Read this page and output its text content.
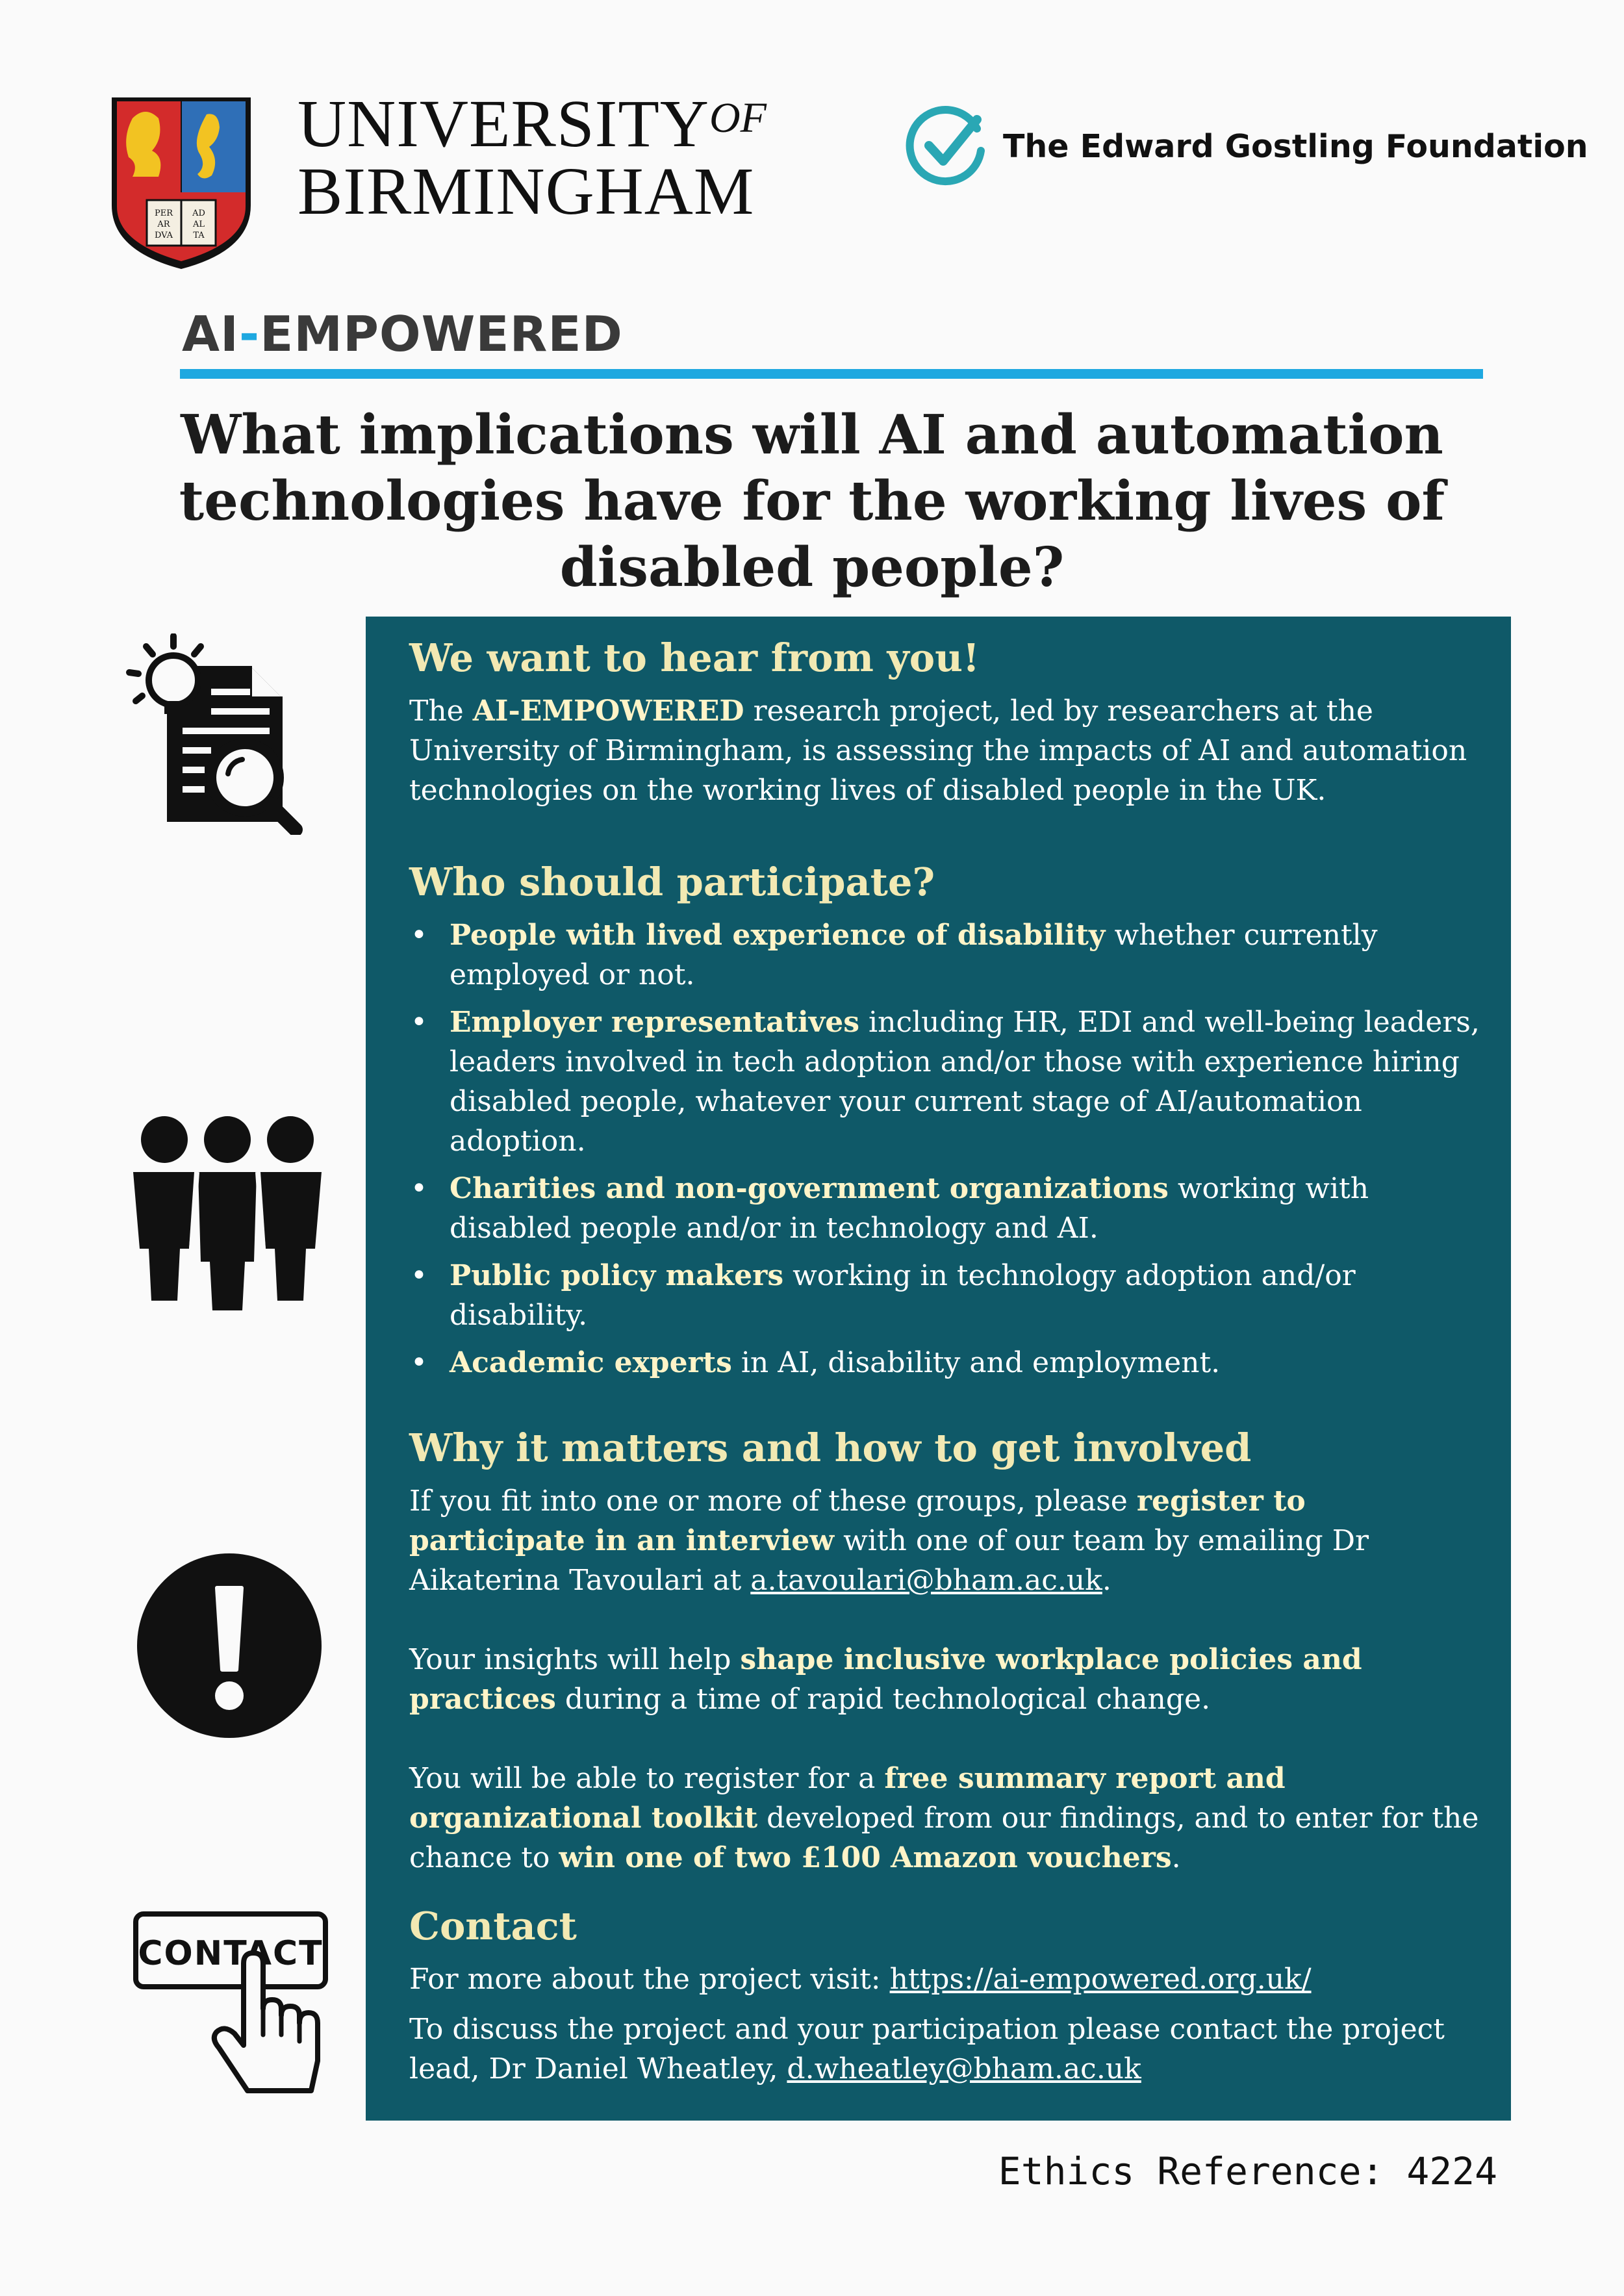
PER
AR
DVA
AD
AL
TA
$UNIVERSITY^{OF}$
BIRMINGHAM
The Edward Gostling Foundation
AI-EMPOWERED
What implications will AI and automation technologies have for the working lives of disabled people?
We want to hear from you!

The AI-EMPOWERED research project, led by researchers at the University of Birmingham, is assessing the impacts of AI and automation technologies on the working lives of disabled people in the UK.

Who should participate?
• People with lived experience of disability whether currently employed or not.
• Employer representatives including HR, EDI and well-being leaders, leaders involved in tech adoption and/or those with experience hiring disabled people, whatever your current stage of AI/automation adoption.
• Charities and non-government organizations working with disabled people and/or in technology and AI.
• Public policy makers working in technology adoption and/or disability.
• Academic experts in AI, disability and employment.
Why it matters and how to get involved

If you fit into one or more of these groups, please register to participate in an interview with one of our team by emailing Dr Aikaterina Tavoulari at a.tavoulari@bham.ac.uk.

Your insights will help shape inclusive workplace policies and practices during a time of rapid technological change.

You will be able to register for a free summary report and organizational toolkit developed from our findings, and to enter for the chance to win one of two £100 Amazon vouchers.

Contact

For more about the project visit: https://ai-empowered.org.uk/

To discuss the project and your participation please contact the project lead, Dr Daniel Wheatley, d.wheatley@bham.ac.uk

CONTACT
Ethics Reference: 4224
